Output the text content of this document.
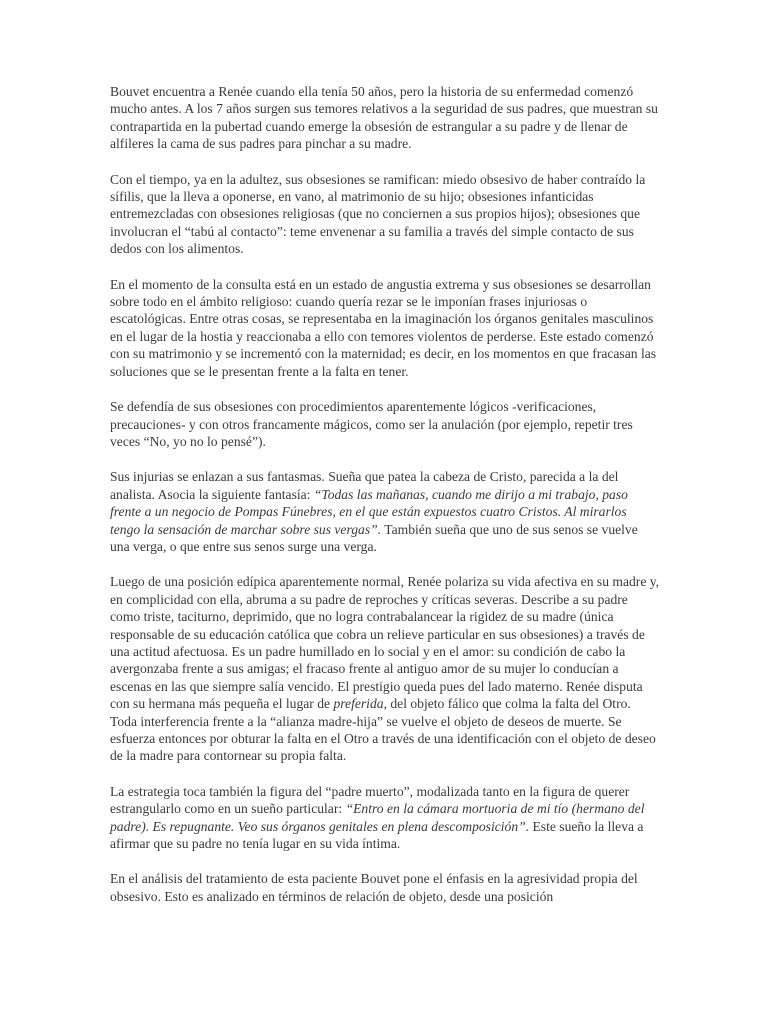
Bouvet encuentra a Renée cuando ella tenía 50 años, pero la historia de su enfermedad comenzó mucho antes. A los 7 años surgen sus temores relativos a la seguridad de sus padres, que muestran su contrapartida en la pubertad cuando emerge la obsesión de estrangular a su padre y de llenar de alfileres la cama de sus padres para pinchar a su madre.

Con el tiempo, ya en la adultez, sus obsesiones se ramifican: miedo obsesivo de haber contraído la sífilis, que la lleva a oponerse, en vano, al matrimonio de su hijo; obsesiones infanticidas entremezcladas con obsesiones religiosas (que no conciernen a sus propios hijos); obsesiones que involucran el “tabú al contacto”: teme envenenar a su familia a través del simple contacto de sus dedos con los alimentos.

En el momento de la consulta está en un estado de angustia extrema y sus obsesiones se desarrollan sobre todo en el ámbito religioso: cuando quería rezar se le imponían frases injuriosas o escatológicas. Entre otras cosas, se representaba en la imaginación los órganos genitales masculinos en el lugar de la hostia y reaccionaba a ello con temores violentos de perderse. Este estado comenzó con su matrimonio y se incrementó con la maternidad; es decir, en los momentos en que fracasan las soluciones que se le presentan frente a la falta en tener.

Se defendía de sus obsesiones con procedimientos aparentemente lógicos -verificaciones, precauciones- y con otros francamente mágicos, como ser la anulación (por ejemplo, repetir tres veces “No, yo no lo pensé”).

Sus injurias se enlazan a sus fantasmas. Sueña que patea la cabeza de Cristo, parecida a la del analista. Asocia la siguiente fantasía: “Todas las mañanas, cuando me dirijo a mi trabajo, paso frente a un negocio de Pompas Fúnebres, en el que están expuestos cuatro Cristos. Al mirarlos tengo la sensación de marchar sobre sus vergas”. También sueña que uno de sus senos se vuelve una verga, o que entre sus senos surge una verga.

Luego de una posición edípica aparentemente normal, Renée polariza su vida afectiva en su madre y, en complicidad con ella, abruma a su padre de reproches y críticas severas. Describe a su padre como triste, taciturno, deprimido, que no logra contrabalancear la rigidez de su madre (única responsable de su educación católica que cobra un relieve particular en sus obsesiones) a través de una actitud afectuosa. Es un padre humillado en lo social y en el amor: su condición de cabo la avergonzaba frente a sus amigas; el fracaso frente al antiguo amor de su mujer lo conducían a escenas en las que siempre salía vencido. El prestigio queda pues del lado materno. Renée disputa con su hermana más pequeña el lugar de preferida, del objeto fálico que colma la falta del Otro. Toda interferencia frente a la “alianza madre-hija” se vuelve el objeto de deseos de muerte. Se esfuerza entonces por obturar la falta en el Otro a través de una identificación con el objeto de deseo de la madre para contornear su propia falta.

La estrategia toca también la figura del “padre muerto”, modalizada tanto en la figura de querer estrangularlo como en un sueño particular: “Entro en la cámara mortuoria de mi tío (hermano del padre). Es repugnante. Veo sus órganos genitales en plena descomposición”. Este sueño la lleva a afirmar que su padre no tenía lugar en su vida íntima.

En el análisis del tratamiento de esta paciente Bouvet pone el énfasis en la agresividad propia del obsesivo. Esto es analizado en términos de relación de objeto, desde una posición
